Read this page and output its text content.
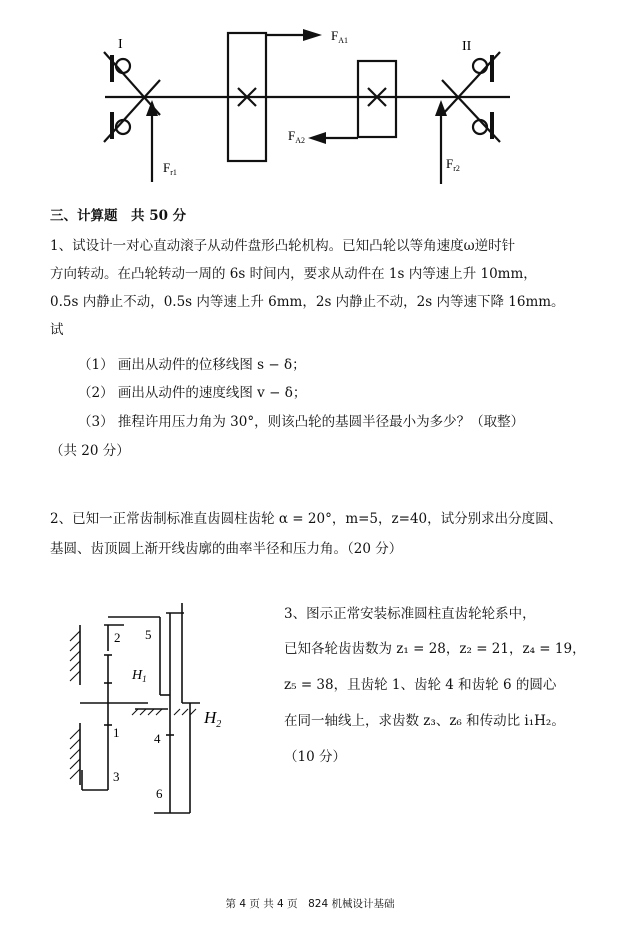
I	II
$F_{A1}$
$F_{A2}$
$F_{r1}$
$F_{r2}$
三、计算题　共 50 分
1、试设计一对心直动滚子从动件盘形凸轮机构。已知凸轮以等角速度ω逆时针
方向转动。在凸轮转动一周的 6s 时间内，要求从动件在 1s 内等速上升 10mm，
0.5s 内静止不动，0.5s 内等速上升 6mm，2s 内静止不动，2s 内等速下降 16mm。
试
（1） 画出从动件的位移线图 s − δ；
（2） 画出从动件的速度线图 v − δ；
（3） 推程许用压力角为 30°，则该凸轮的基圆半径最小为多少？（取整）
（共 20 分）
2、已知一正常齿制标准直齿圆柱齿轮 α = 20°，m=5，z=40，试分别求出分度圆、
基圆、齿顶圆上渐开线齿廓的曲率半径和压力角。（20 分）
2 5
1
3
4
6
$H_1$
$H_2$
3、图示正常安装标准圆柱直齿轮轮系中，
已知各轮齿齿数为 z₁ = 28，z₂ = 21，z₄ = 19，
z₅ = 38，且齿轮 1、齿轮 4 和齿轮 6 的圆心
在同一轴线上，求齿数 z₃、z₆ 和传动比 i₁H₂。
（10 分）
第 4 页 共 4 页　824 机械设计基础
